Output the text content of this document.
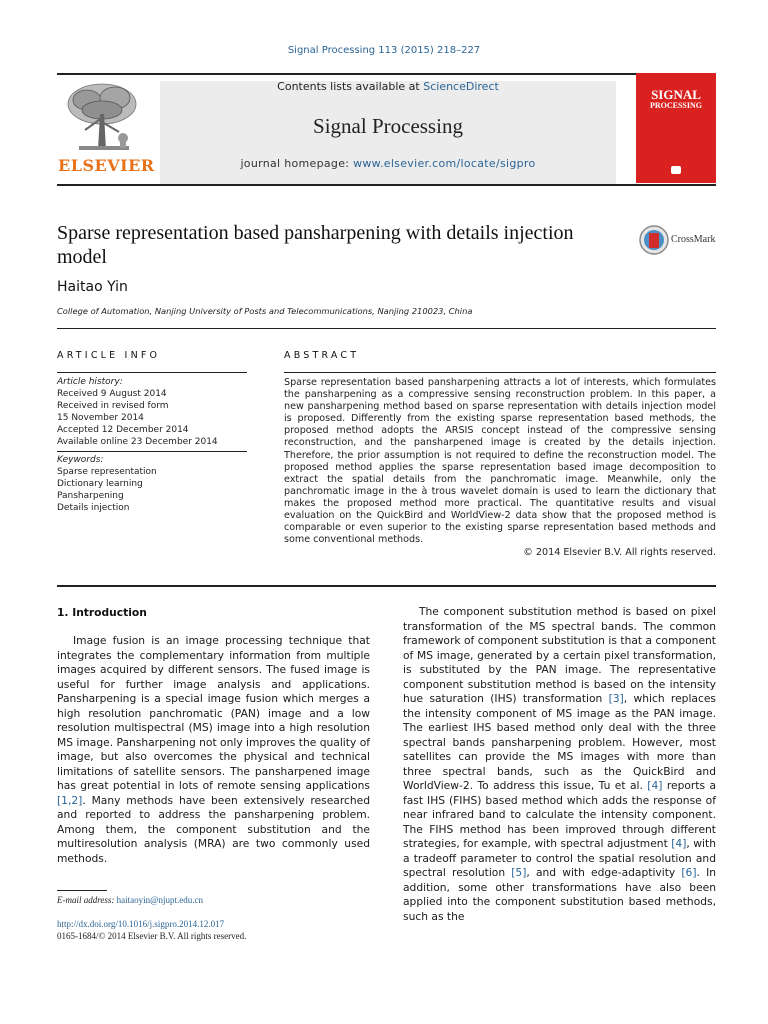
Signal Processing 113 (2015) 218–227
ELSEVIER
Contents lists available at ScienceDirect
Signal Processing
journal homepage: www.elsevier.com/locate/sigpro
SIGNAL
PROCESSING
Sparse representation based pansharpening with details injection model
CrossMark
Haitao Yin
College of Automation, Nanjing University of Posts and Telecommunications, Nanjing 210023, China
ARTICLE INFO
Article history:
Received 9 August 2014
Received in revised form
15 November 2014
Accepted 12 December 2014
Available online 23 December 2014
Keywords:
Sparse representation
Dictionary learning
Pansharpening
Details injection
ABSTRACT
Sparse representation based pansharpening attracts a lot of interests, which formulates the pansharpening as a compressive sensing reconstruction problem. In this paper, a new pansharpening method based on sparse representation with details injection model is proposed. Differently from the existing sparse representation based methods, the proposed method adopts the ARSIS concept instead of the compressive sensing reconstruction, and the pansharpened image is created by the details injection. Therefore, the prior assumption is not required to define the reconstruction model. The proposed method applies the sparse representation based image decomposition to extract the spatial details from the panchromatic image. Meanwhile, only the panchromatic image in the à trous wavelet domain is used to learn the dictionary that makes the proposed method more practical. The quantitative results and visual evaluation on the QuickBird and WorldView-2 data show that the proposed method is comparable or even superior to the existing sparse representation based methods and some conventional methods.
© 2014 Elsevier B.V. All rights reserved.
1. Introduction

Image fusion is an image processing technique that integrates the complementary information from multiple images acquired by different sensors. The fused image is useful for further image analysis and applications. Pansharpening is a special image fusion which merges a high resolution panchromatic (PAN) image and a low resolution multispectral (MS) image into a high resolution MS image. Pansharpening not only improves the quality of image, but also overcomes the physical and technical limitations of satellite sensors. The pansharpened image has great potential in lots of remote sensing applications [1,2]. Many methods have been extensively researched and reported to address the pansharpening problem. Among them, the component substitution and the multiresolution analysis (MRA) are two commonly used methods.

The component substitution method is based on pixel transformation of the MS spectral bands. The common framework of component substitution is that a component of MS image, generated by a certain pixel transformation, is substituted by the PAN image. The representative component substitution method is based on the intensity hue saturation (IHS) transformation [3], which replaces the intensity component of MS image as the PAN image. The earliest IHS based method only deal with the three spectral bands pansharpening problem. However, most satellites can provide the MS images with more than three spectral bands, such as the QuickBird and WorldView-2. To address this issue, Tu et al. [4] reports a fast IHS (FIHS) based method which adds the response of near infrared band to calculate the intensity component. The FIHS method has been improved through different strategies, for example, with spectral adjustment [4], with a tradeoff parameter to control the spatial resolution and spectral resolution [5], and with edge-adaptivity [6]. In addition, some other transformations have also been applied into the component substitution based methods, such as the

E-mail address: haitaoyin@njupt.edu.cn
http://dx.doi.org/10.1016/j.sigpro.2014.12.017
0165-1684/© 2014 Elsevier B.V. All rights reserved.
